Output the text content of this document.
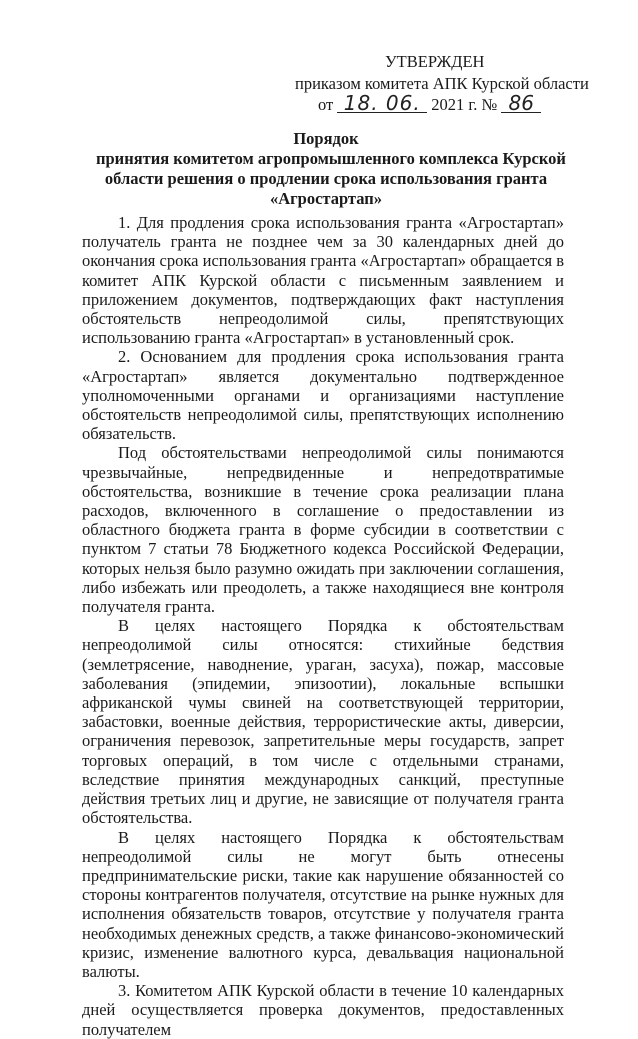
УТВЕРЖДЕН
приказом комитета АПК Курской области
от 18. 06. 2021 г. № 86
Порядок
принятия комитетом агропромышленного комплекса Курской
области решения о продлении срока использования гранта
«Агростартап»

1. Для продления срока использования гранта «Агростартап» получатель гранта не позднее чем за 30 календарных дней до окончания срока использования гранта «Агростартап» обращается в комитет АПК Курской области с письменным заявлением и приложением документов, подтверждающих факт наступления обстоятельств непреодолимой силы, препятствующих использованию гранта «Агростартап» в установленный срок.

2. Основанием для продления срока использования гранта «Агростартап» является документально подтвержденное уполномоченными органами и организациями наступление обстоятельств непреодолимой силы, препятствующих исполнению обязательств.

Под обстоятельствами непреодолимой силы понимаются чрезвычайные, непредвиденные и непредотвратимые обстоятельства, возникшие в течение срока реализации плана расходов, включенного в соглашение о предоставлении из областного бюджета гранта в форме субсидии в соответствии с пунктом 7 статьи 78 Бюджетного кодекса Российской Федерации, которых нельзя было разумно ожидать при заключении соглашения, либо избежать или преодолеть, а также находящиеся вне контроля получателя гранта.

В целях настоящего Порядка к обстоятельствам непреодолимой силы относятся: стихийные бедствия (землетрясение, наводнение, ураган, засуха), пожар, массовые заболевания (эпидемии, эпизоотии), локальные вспышки африканской чумы свиней на соответствующей территории, забастовки, военные действия, террористические акты, диверсии, ограничения перевозок, запретительные меры государств, запрет торговых операций, в том числе с отдельными странами, вследствие принятия международных санкций, преступные действия третьих лиц и другие, не зависящие от получателя гранта обстоятельства.

В целях настоящего Порядка к обстоятельствам непреодолимой силы не могут быть отнесены предпринимательские риски, такие как нарушение обязанностей со стороны контрагентов получателя, отсутствие на рынке нужных для исполнения обязательств товаров, отсутствие у получателя гранта необходимых денежных средств, а также финансово-экономический кризис, изменение валютного курса, девальвация национальной валюты.

3. Комитетом АПК Курской области в течение 10 календарных дней осуществляется проверка документов, предоставленных получателем
